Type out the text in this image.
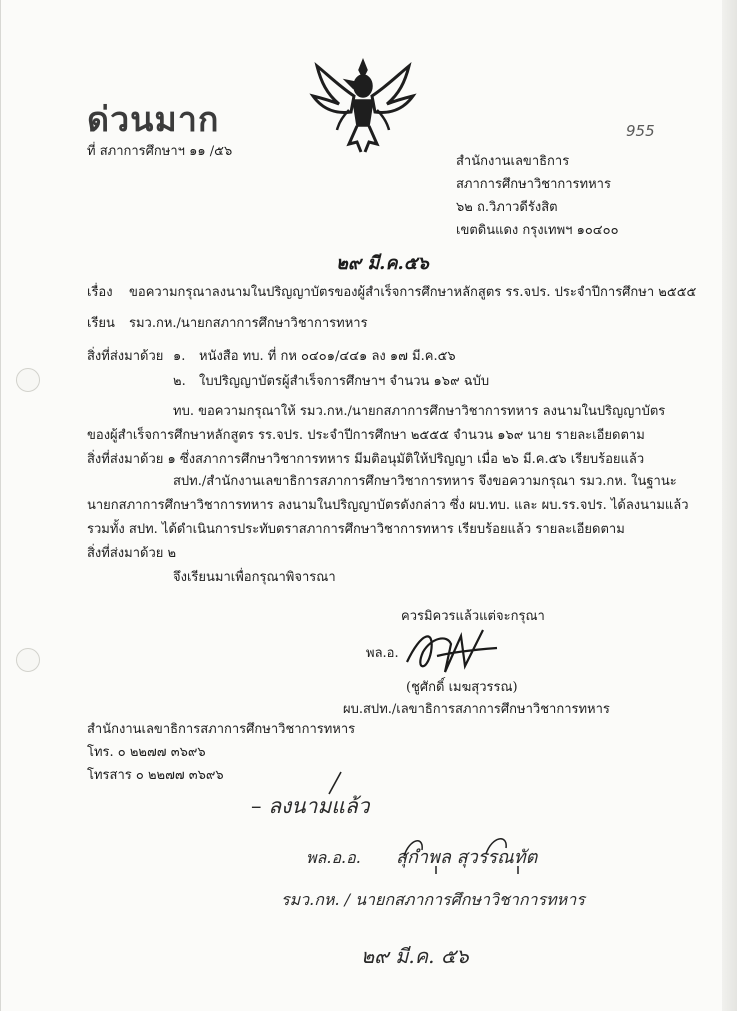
ด่วนมาก
ที่ สภาการศึกษาฯ ๑๑ /๕๖
955
สำนักงานเลขาธิการ
สภาการศึกษาวิชาการทหาร
๖๒ ถ.วิภาวดีรังสิต
เขตดินแดง กรุงเทพฯ ๑๐๔๐๐
๒๙ มี.ค.๕๖
เรื่อง ขอความกรุณาลงนามในปริญญาบัตรของผู้สำเร็จการศึกษาหลักสูตร รร.จปร. ประจำปีการศึกษา ๒๕๕๕
เรียน รมว.กห./นายกสภาการศึกษาวิชาการทหาร
สิ่งที่ส่งมาด้วย ๑. หนังสือ ทบ. ที่ กห ๐๔๐๑/๔๔๑ ลง ๑๗ มี.ค.๕๖
๒. ใบปริญญาบัตรผู้สำเร็จการศึกษาฯ จำนวน ๑๖๙ ฉบับ
ทบ. ขอความกรุณาให้ รมว.กห./นายกสภาการศึกษาวิชาการทหาร ลงนามในปริญญาบัตร
ของผู้สำเร็จการศึกษาหลักสูตร รร.จปร. ประจำปีการศึกษา ๒๕๕๕ จำนวน ๑๖๙ นาย รายละเอียดตาม
สิ่งที่ส่งมาด้วย ๑ ซึ่งสภาการศึกษาวิชาการทหาร มีมติอนุมัติให้ปริญญา เมื่อ ๒๖ มี.ค.๕๖ เรียบร้อยแล้ว
สปท./สำนักงานเลขาธิการสภาการศึกษาวิชาการทหาร จึงขอความกรุณา รมว.กห. ในฐานะ
นายกสภาการศึกษาวิชาการทหาร ลงนามในปริญญาบัตรดังกล่าว ซึ่ง ผบ.ทบ. และ ผบ.รร.จปร. ได้ลงนามแล้ว
รวมทั้ง สปท. ได้ดำเนินการประทับตราสภาการศึกษาวิชาการทหาร เรียบร้อยแล้ว รายละเอียดตาม
สิ่งที่ส่งมาด้วย ๒
จึงเรียนมาเพื่อกรุณาพิจารณา
ควรมิควรแล้วแต่จะกรุณา
พล.อ.
(ชูศักดิ์ เมฆสุวรรณ)
ผบ.สปท./เลขาธิการสภาการศึกษาวิชาการทหาร
สำนักงานเลขาธิการสภาการศึกษาวิชาการทหาร
โทร. ๐ ๒๒๗๗ ๓๖๙๖
โทรสาร ๐ ๒๒๗๗ ๓๖๙๖
– ลงนามแล้ว
พล.อ.อ. สุกำพล สุวรรณทัต
รมว.กห. / นายกสภาการศึกษาวิชาการทหาร
๒๙ มี.ค. ๕๖
